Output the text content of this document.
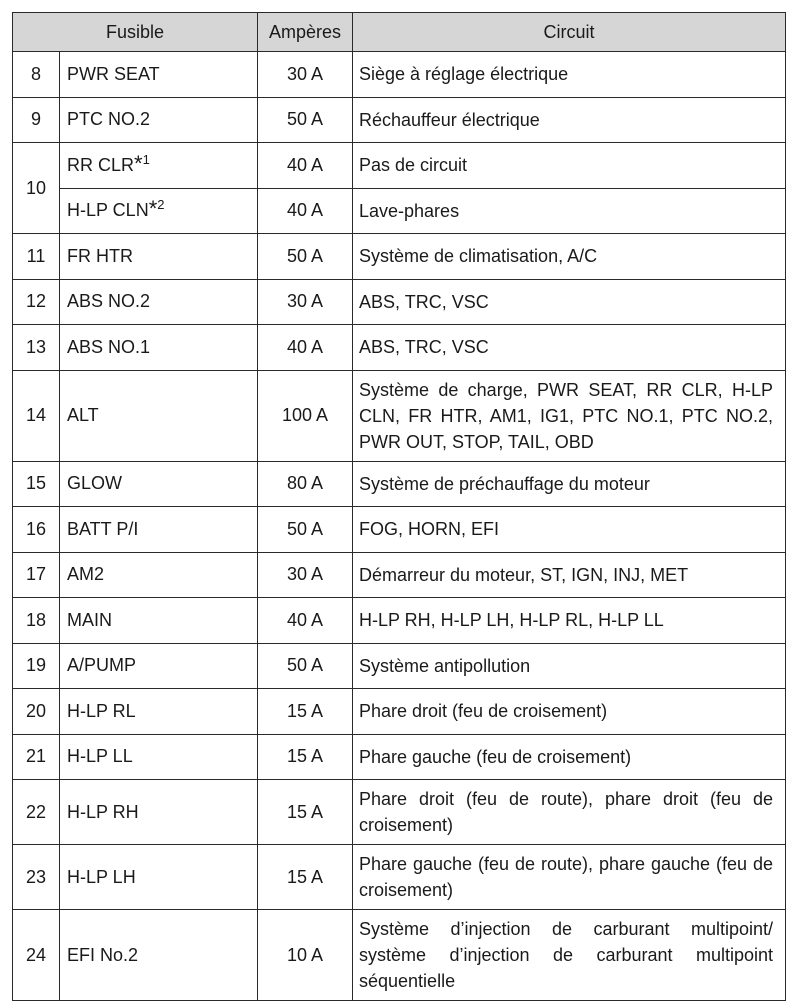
Fusible		Ampères	Circuit
8	PWR SEAT	30 A	Siège à réglage électrique
9	PTC NO.2	50 A	Réchauffeur électrique
10	RR CLR*$^1$	40 A	Pas de circuit
	H-LP CLN*$^2$	40 A	Lave-phares
11	FR HTR	50 A	Système de climatisation, A/C
12	ABS NO.2	30 A	ABS, TRC, VSC
13	ABS NO.1	40 A	ABS, TRC, VSC
14	ALT	100 A	Système de charge, PWR SEAT, RR CLR, H-LP CLN, FR HTR, AM1, IG1, PTC NO.1, PTC NO.2, PWR OUT, STOP, TAIL, OBD
15	GLOW	80 A	Système de préchauffage du moteur
16	BATT P/I	50 A	FOG, HORN, EFI
17	AM2	30 A	Démarreur du moteur, ST, IGN, INJ, MET
18	MAIN	40 A	H-LP RH, H-LP LH, H-LP RL, H-LP LL
19	A/PUMP	50 A	Système antipollution
20	H-LP RL	15 A	Phare droit (feu de croisement)
21	H-LP LL	15 A	Phare gauche (feu de croisement)
22	H-LP RH	15 A	Phare droit (feu de route), phare droit (feu de croisement)
23	H-LP LH	15 A	Phare gauche (feu de route), phare gauche (feu de croisement)
24	EFI No.2	10 A	Système d’injection de carburant multipoint/ système d’injection de carburant multipoint séquentielle
